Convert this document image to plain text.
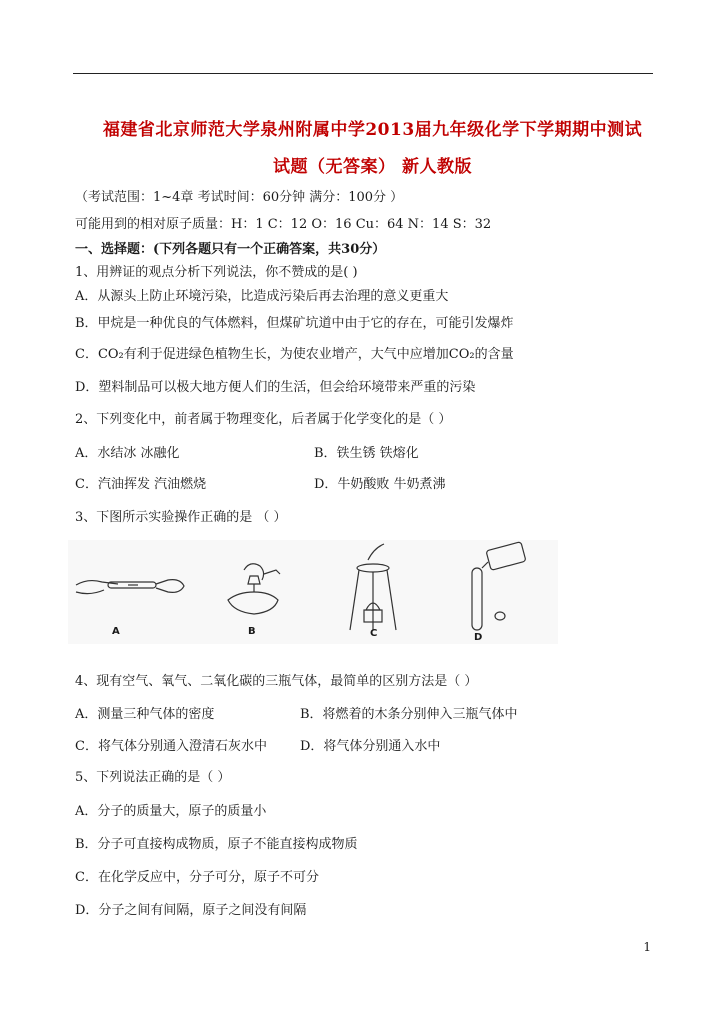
福建省北京师范大学泉州附属中学2013届九年级化学下学期期中测试
试题（无答案） 新人教版
（考试范围：1~4章 考试时间：60分钟 满分：100分 ）
可能用到的相对原子质量：H：1 C：12 O：16 Cu：64 N：14 S：32
一、选择题：(下列各题只有一个正确答案，共30分）
1、用辨证的观点分析下列说法，你不赞成的是( )
A．从源头上防止环境污染，比造成污染后再去治理的意义更重大
B．甲烷是一种优良的气体燃料，但煤矿坑道中由于它的存在，可能引发爆炸
C．CO₂有利于促进绿色植物生长，为使农业增产，大气中应增加CO₂的含量
D．塑料制品可以极大地方便人们的生活，但会给环境带来严重的污染
2、下列变化中，前者属于物理变化，后者属于化学变化的是（ ）
A．水结冰 冰融化	B．铁生锈 铁熔化
C．汽油挥发 汽油燃烧	D．牛奶酸败 牛奶煮沸
3、下图所示实验操作正确的是 （ ）
A	B	C	D
4、现有空气、氧气、二氧化碳的三瓶气体，最简单的区别方法是（ ）
A．测量三种气体的密度	B．将燃着的木条分别伸入三瓶气体中
C．将气体分别通入澄清石灰水中	D．将气体分别通入水中
5、下列说法正确的是（ ）
A．分子的质量大，原子的质量小
B．分子可直接构成物质，原子不能直接构成物质
C．在化学反应中，分子可分，原子不可分
D．分子之间有间隔，原子之间没有间隔
1
